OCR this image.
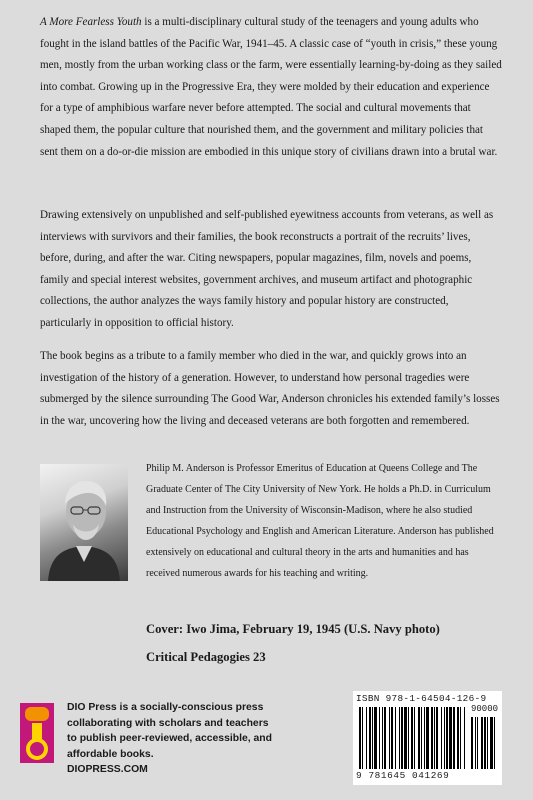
A More Fearless Youth is a multi-disciplinary cultural study of the teenagers and young adults who fought in the island battles of the Pacific War, 1941–45. A classic case of “youth in crisis,” these young men, mostly from the urban working class or the farm, were essentially learning-by-doing as they sailed into combat. Growing up in the Progressive Era, they were molded by their education and experience for a type of amphibious warfare never before attempted. The social and cultural movements that shaped them, the popular culture that nourished them, and the government and military policies that sent them on a do-or-die mission are embodied in this unique story of civilians drawn into a brutal war.

Drawing extensively on unpublished and self-published eyewitness accounts from veterans, as well as interviews with survivors and their families, the book reconstructs a portrait of the recruits’ lives, before, during, and after the war. Citing newspapers, popular magazines, film, novels and poems, family and special interest websites, government archives, and museum artifact and photographic collections, the author analyzes the ways family history and popular history are constructed, particularly in opposition to official history.

The book begins as a tribute to a family member who died in the war, and quickly grows into an investigation of the history of a generation. However, to understand how personal tragedies were submerged by the silence surrounding The Good War, Anderson chronicles his extended family’s losses in the war, uncovering how the living and deceased veterans are both forgotten and remembered.

Philip M. Anderson is Professor Emeritus of Education at Queens College and The Graduate Center of The City University of New York. He holds a Ph.D. in Curriculum and Instruction from the University of Wisconsin-Madison, where he also studied Educational Psychology and English and American Literature. Anderson has published extensively on educational and cultural theory in the arts and humanities and has received numerous awards for his teaching and writing.

Cover: Iwo Jima, February 19, 1945 (U.S. Navy photo)

Critical Pedagogies 23

DIO Press is a socially-conscious press collaborating with scholars and teachers to publish peer-reviewed, accessible, and affordable books.
DIOPRESS.COM

ISBN 978-1-64504-126-9
90000
9 781645 041269
